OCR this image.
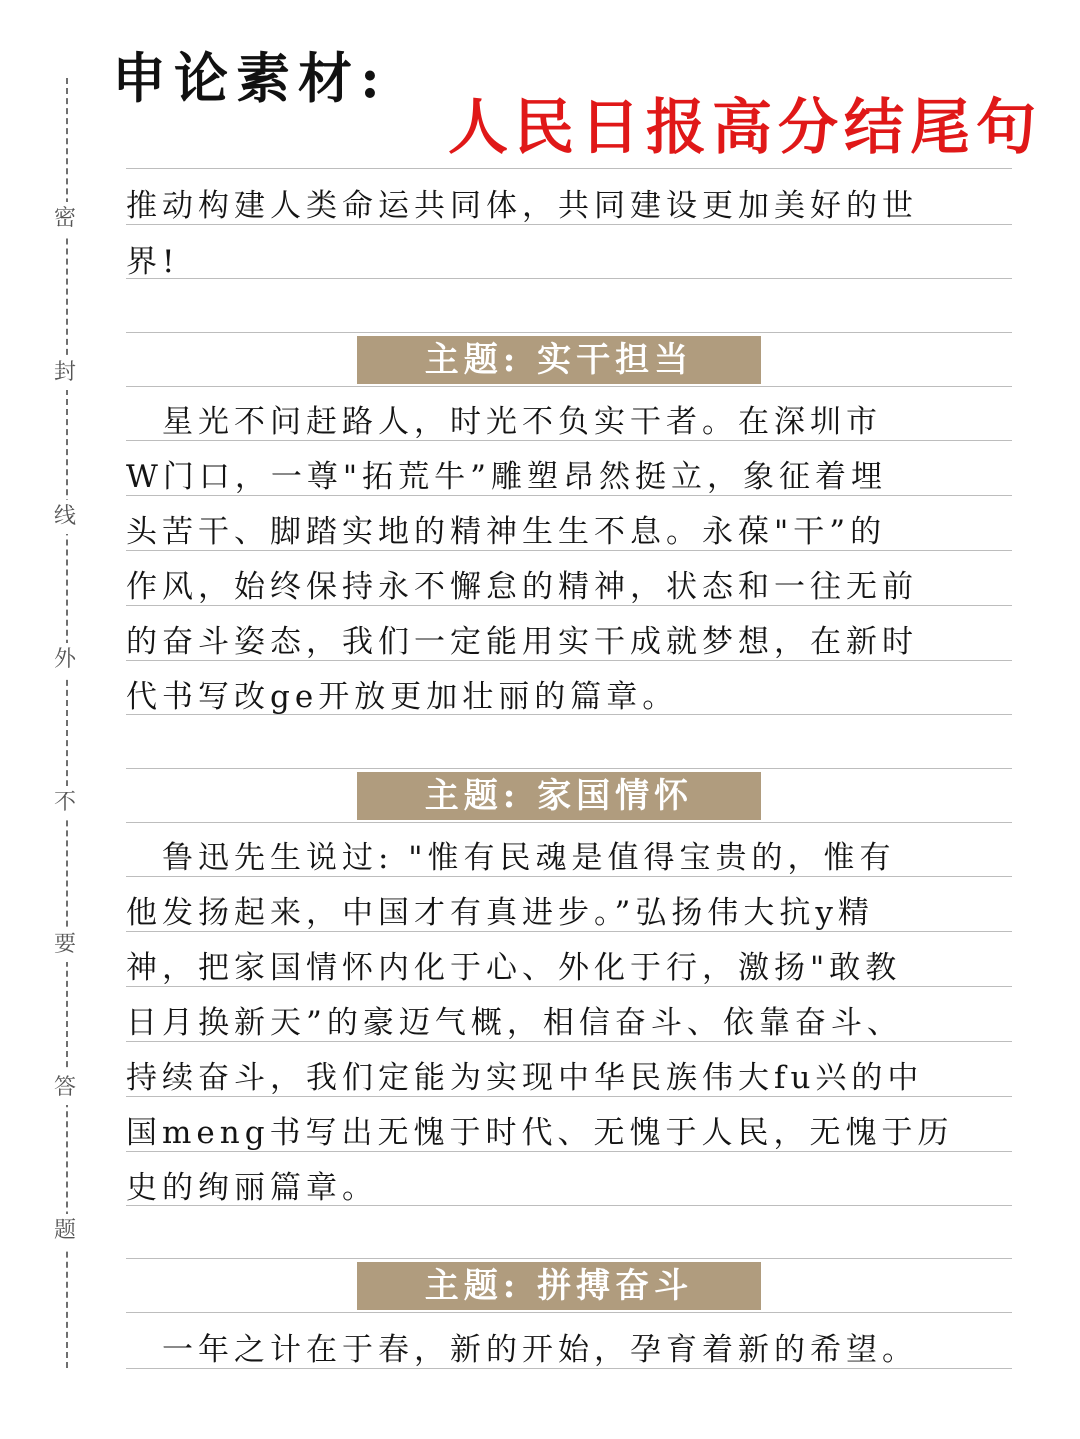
密
封
线
外
不
要
答
题
申论素材:
人民日报高分结尾句
推动构建人类命运共同体，共同建设更加美好的世
界!
主题: 实干担当
　星光不问赶路人，时光不负实干者。在深圳市
W门口，一尊"拓荒牛”雕塑昂然挺立，象征着埋
头苦干、脚踏实地的精神生生不息。永葆"干”的
作风，始终保持永不懈怠的精神，状态和一往无前
的奋斗姿态，我们一定能用实干成就梦想，在新时
代书写改ge开放更加壮丽的篇章。
主题: 家国情怀
　鲁迅先生说过: "惟有民魂是值得宝贵的，惟有
他发扬起来，中国才有真进步。”弘扬伟大抗y精
神，把家国情怀内化于心、外化于行，激扬"敢教
日月换新天”的豪迈气概，相信奋斗、依靠奋斗、
持续奋斗，我们定能为实现中华民族伟大fu兴的中
国meng书写出无愧于时代、无愧于人民，无愧于历
史的绚丽篇章。
主题: 拼搏奋斗
　一年之计在于春，新的开始，孕育着新的希望。
